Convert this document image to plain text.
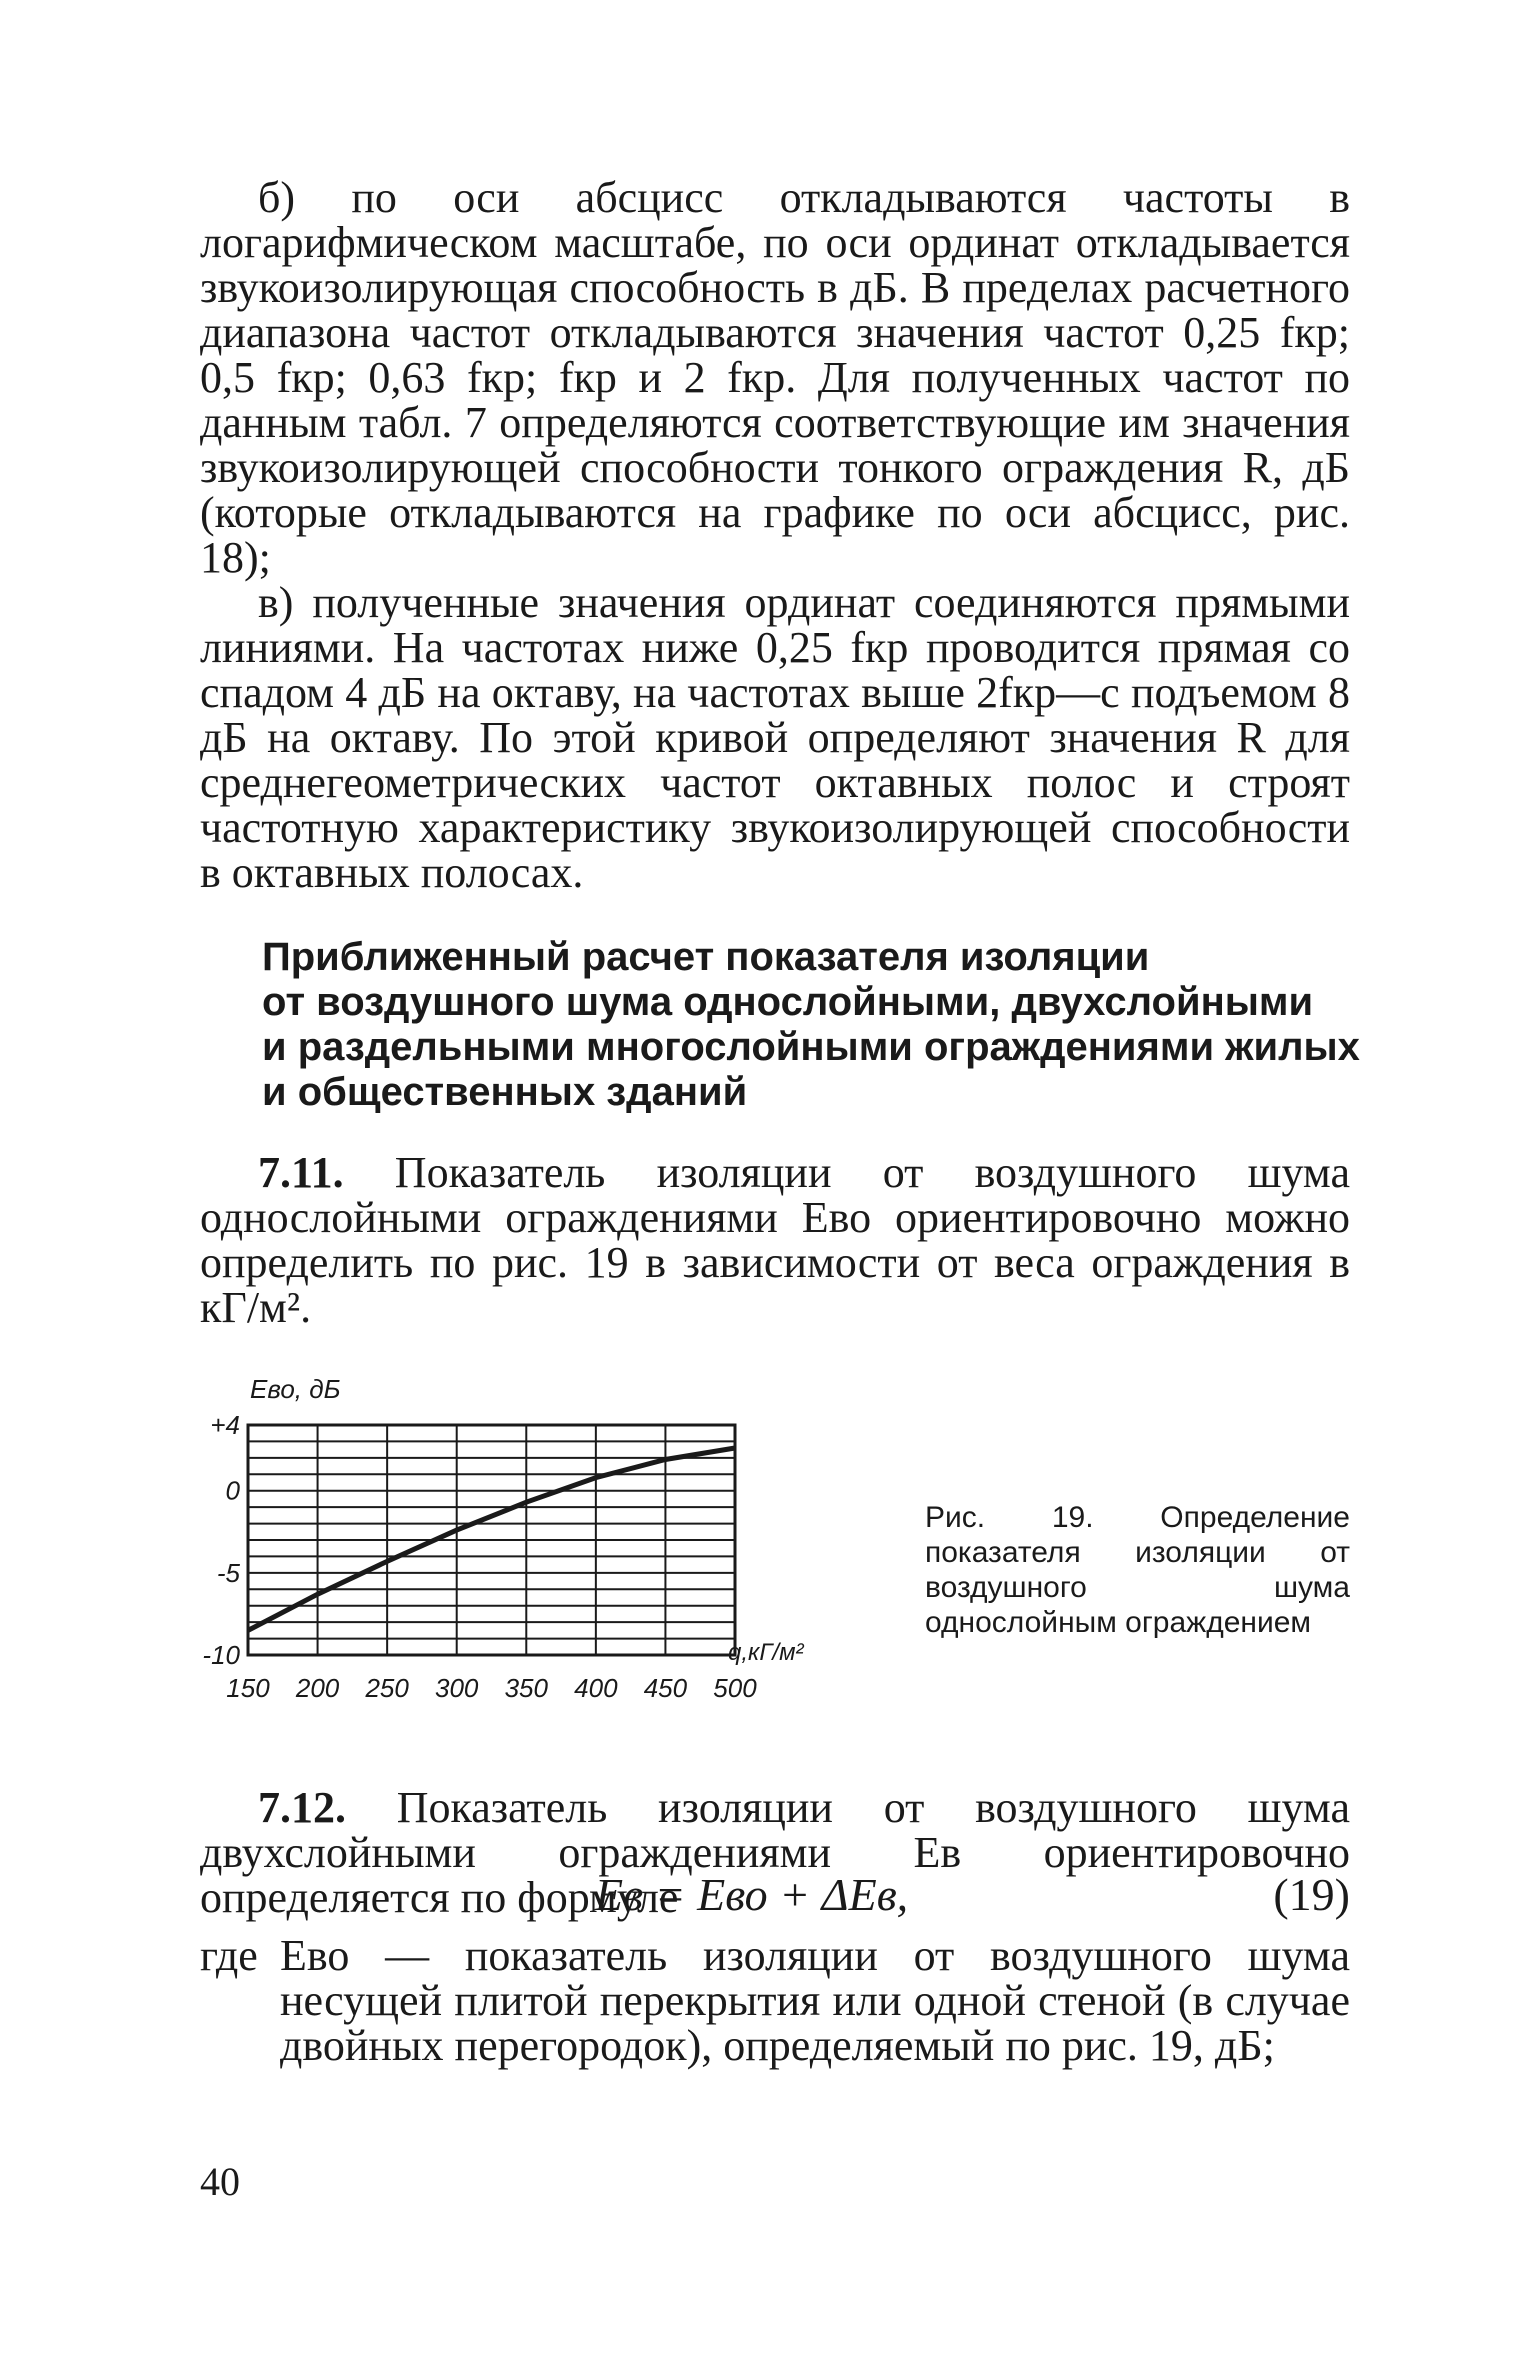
б) по оси абсцисс откладываются частоты в логарифмическом масштабе, по оси ординат откладывается звукоизолирующая способность в дБ. В пределах расчетного диапазона частот откладываются значения частот 0,25 fкр; 0,5 fкр; 0,63 fкр; fкр и 2 fкр. Для полученных частот по данным табл. 7 определяются соответствующие им значения звукоизолирующей способности тонкого ограждения R, дБ (которые откладываются на графике по оси абсцисс, рис. 18);

в) полученные значения ординат соединяются прямыми линиями. На частотах ниже 0,25 fкр проводится прямая со спадом 4 дБ на октаву, на частотах выше 2fкр—с подъемом 8 дБ на октаву. По этой кривой определяют значения R для среднегеометрических частот октавных полос и строят частотную характеристику звукоизолирующей способности в октавных полосах.

Приближенный расчет показателя изоляции
от воздушного шума однослойными, двухслойными
и раздельными многослойными ограждениями жилых
и общественных зданий

7.11. Показатель изоляции от воздушного шума однослойными ограждениями Eво ориентировочно можно определить по рис. 19 в зависимости от веса ограждения в кГ/м².

+4
0
-5
-10
150 200 250 300 350 400 450 500
Eво, дБ
q,кГ/м²

Рис. 19. Определение показателя изоляции от воздушного шума однослойным ограждением

7.12. Показатель изоляции от воздушного шума двухслойными ограждениями Eв ориентировочно определяется по формуле

Eв = Eво + ΔEв,	(19)
где Eво — показатель изоляции от воздушного шума несущей плитой перекрытия или одной стеной (в случае двойных перегородок), определяемый по рис. 19, дБ;

40
